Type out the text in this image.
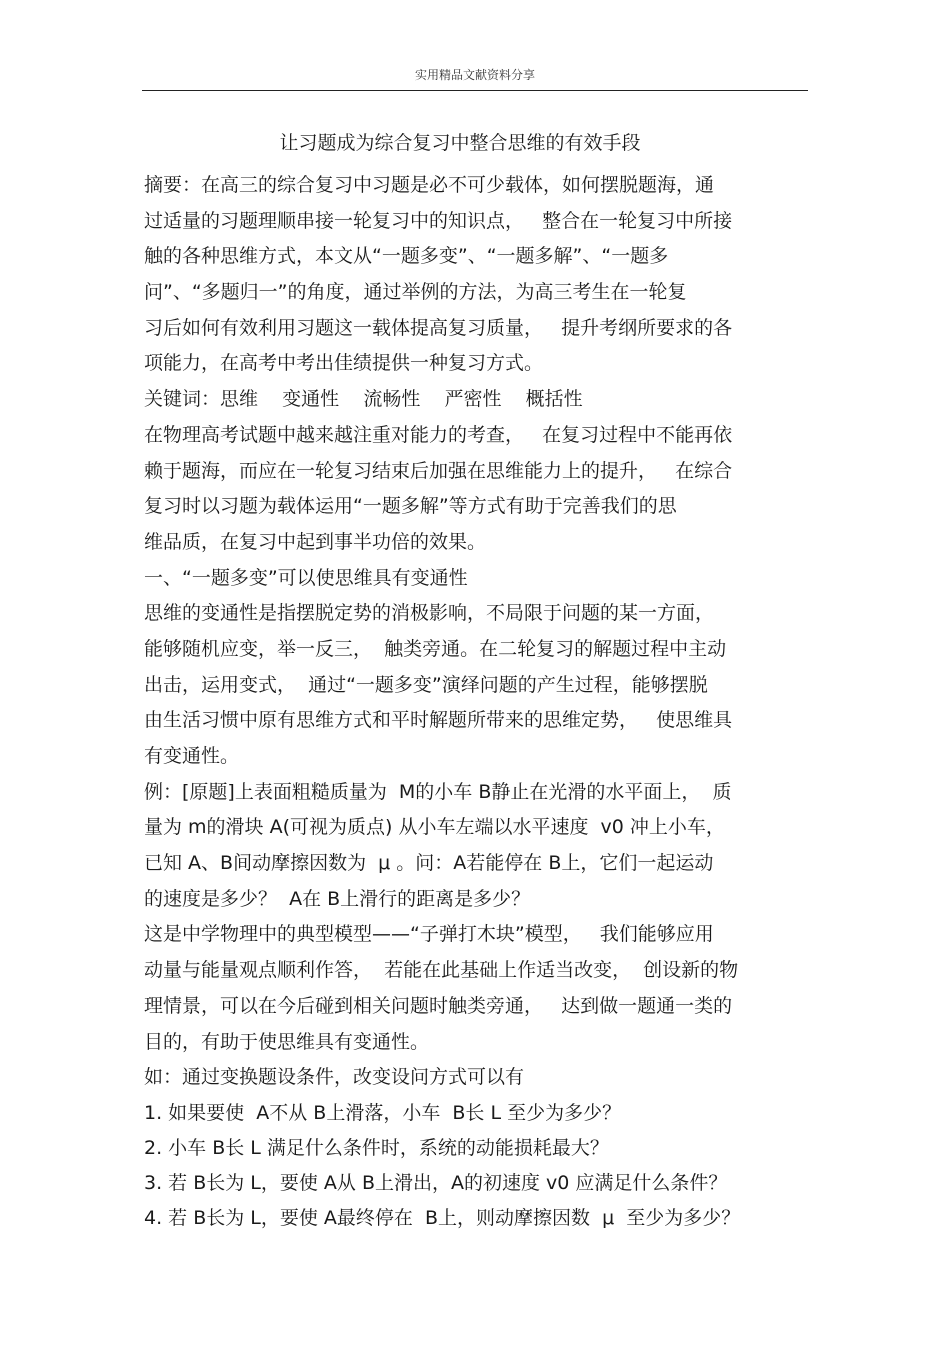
实用精品文献资料分享
让习题成为综合复习中整合思维的有效手段
摘要：在高三的综合复习中习题是必不可少载体，如何摆脱题海，通
过适量的习题理顺串接一轮复习中的知识点，   整合在一轮复习中所接
触的各种思维方式，本文从“一题多变”、“一题多解”、“一题多
问”、“多题归一”的角度，通过举例的方法，为高三考生在一轮复
习后如何有效利用习题这一载体提高复习质量，   提升考纲所要求的各
项能力，在高考中考出佳绩提供一种复习方式。
关键词：思维    变通性    流畅性    严密性    概括性
在物理高考试题中越来越注重对能力的考查，   在复习过程中不能再依
赖于题海，而应在一轮复习结束后加强在思维能力上的提升，   在综合
复习时以习题为载体运用“一题多解”等方式有助于完善我们的思
维品质，在复习中起到事半功倍的效果。
一、“一题多变”可以使思维具有变通性
思维的变通性是指摆脱定势的消极影响，不局限于问题的某一方面，
能够随机应变，举一反三，  触类旁通。在二轮复习的解题过程中主动
出击，运用变式，  通过“一题多变”演绎问题的产生过程，能够摆脱
由生活习惯中原有思维方式和平时解题所带来的思维定势，   使思维具
有变通性。
例：[原题]上表面粗糙质量为  M的小车 B静止在光滑的水平面上，  质
量为 m的滑块 A(可视为质点) 从小车左端以水平速度  v0 冲上小车，
已知 A、B间动摩擦因数为  μ 。问：A若能停在 B上，它们一起运动
的速度是多少？  A在 B上滑行的距离是多少？
这是中学物理中的典型模型——“子弹打木块”模型，   我们能够应用
动量与能量观点顺利作答，  若能在此基础上作适当改变，  创设新的物
理情景，可以在今后碰到相关问题时触类旁通，   达到做一题通一类的
目的，有助于使思维具有变通性。
如：通过变换题设条件，改变设问方式可以有
1. 如果要使  A不从 B上滑落，小车  B长 L 至少为多少？
2. 小车 B长 L 满足什么条件时，系统的动能损耗最大？
3. 若 B长为 L，要使 A从 B上滑出，A的初速度 v0 应满足什么条件？
4. 若 B长为 L，要使 A最终停在  B上，则动摩擦因数  μ  至少为多少？
